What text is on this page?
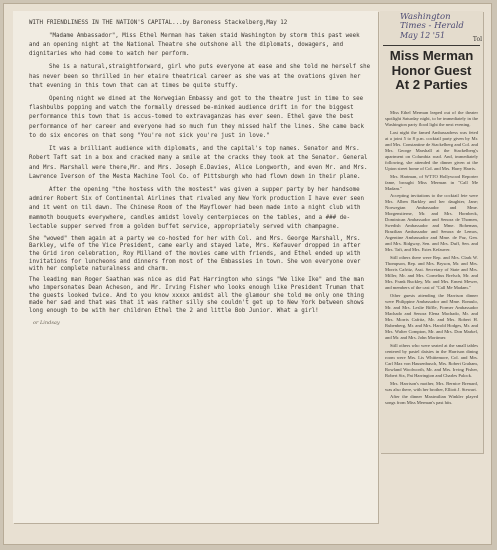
WITH FRIENDLINESS IN THE NATION'S CAPITAL...by Baroness Stackelberg,May 12

"Madame Ambassador", Miss Ethel Merman has taken staid Washington by storm this past week and an opening night at the National Theatre she outshone all the diplomats, dowagers, and dignitaries who had come to watch her perform.

She is a natural,straightforward, girl who puts everyone at ease and she told me herself she has never been so thrilled in her etaire theatrical career as she was at the ovations given her that evening in this town that can at times be quite stuffy.

Opening night we dined at the Norwegian Embassy and got to the theatre just in time to see flashbulbs popping and watch the formally dressed be-minked audience drift in for the biggest performance this town that is accus-tomed to extravaganzas has ever seen. Ethel gave the best performance of her career and everyone had so much fun they missed half the lines. She came back to do six encores on that song "You're not sick you're just in love."

It was a brilliant audience with diplomats, and the capital's top names. Senator and Mrs. Robert Taft sat in a box and cracked many a smile at the cracks they took at the Senator. General and Mrs. Marshall were there,Mr. and Mrs. Joseph E.Davies, Alice Longworth, and even Mr. and Mrs. Lawrence Iverson of the Mesta Machine Tool Co. of Pittsburgh who had flown down in their plane.

After the opening "the hostess with the mostest" was given a supper party by her handsome admirer Robert Six of Continental Airlines that rivaled any New York production I have ever seen and it went on til dawn. The Chinese Room of the Mayflower had been made into a night club with mammoth bouquets everywhere, candles amidst lovely centerpieces on the tables, and a ### de-lectable supper served from a golden buffet service, appropriately served with champagne.

She "wowed" them again at a party we co-hosted for her with Col. and Mrs. George Marshall, Mrs. Barkley, wife of the Vice President, came early and stayed late, Mrs. Kefauver dropped in after the Grid iron celebration, Roy Milland of the movies came with friends, and Ethel ended up with invitations for luncheons and dinners from most of the Embassies in town. She won everyone over with her complete naturalness and charm.

The leading man Roger Saathan was nice as did Pat Harrington who sings "We like Ike" and the man who impersonates Dean Acheson, and Mr. Irving Fisher who looks enough like President Truman that the guests looked twice. And to you know xxxxx amidst all the glamour she told me only one thing made her sad and that was that it was rather silly she couldn't get up to New York between shows long enough to be with her children Ethel the 2 and little Bob Junior. What a girl!

or Lindsay
Washington
Times - Herald
May 12 '51	Tol
Miss Merman Honor Guest At 2 Parties

Miss Ethel Merman leaped out of the theater spotlight Saturday night, to be immediately in the Washington party flood light the next evening.

Last night the famed Ambassadress was feted at a joint 5 to 8 p.m. cocktail party given by Mr. and Mrs. Constantine de Stackelberg and Col. and Mrs. George Marshall at the Stackelberg's apartment on Columbia road. And, immediately following, she attended the dinner given at the Upton street home of Col. and Mrs. Harry Harris.

Mrs. Hartman, of WTTO Hollywood Reporter fame, brought Miss Merman in "Call Me Madam."

Accepting invitations to the cocktail fete were Mrs. Alben Barkley and her daughter, Jane; Norwegian Ambassador and Mme. Morgenstierne, Mr. and Mrs. Hornbeck, Dominican Ambassador and Senora de Thomen, Swedish Ambassador and Mme. Boheman, Brazilian Ambassador and Senora de Lemos, Argentine Ambassador and Mme. de Paz, Gen. and Mrs. Ridgway, Sen. and Mrs. Duff, Sen. and Mrs. Taft, and Mrs. Estes Kefauver.

Still others there were Rep. and Mrs. Clark W. Thompson, Rep. and Mrs. Bryson, Mr. and Mrs. Morris Cafritz, Asst. Secretary of State and Mrs. Miller, Mr. and Mrs. Cornelius Brelsch, Mr. and Mrs. Frank Buckley, Mr. and Mrs. Ernest Mewer, and members of the cast of "Call Me Madam."

Other guests attending the Harrison dinner were Philippine Ambassador and Mme. Romulo, Mr. and Mrs. Leslie Biffle, Former Ambassador Machado and Senora Elena Machado, Mr. and Mrs. Morris Cafritz, Mr. and Mrs. Robert H. Rubenberg, Mr. and Mrs. Harold Hodges, Mr. and Mrs. Walter Compton, Mr. and Mrs. Don Markel, and Mr. and Mrs. John Mortimer.

Still others who were seated at the small tables centered by pastel daisies in the Harrison dining room were Mrs. Lis Whittemore, Col. and Mrs. Carl Max von Hausenbusch, Mrs. Robert Graham, Rowland Woolworth, Mr. and Mrs. Irving Fisher, Robert Six, Pat Harrington and Charles Palock.

Mrs. Harrison's mother, Mrs. Bernice Brenard, was also there, with her brother, Elliott J. Stewart.

After the dinner Maximilian Winkler played songs from Miss Merman's past hits.
